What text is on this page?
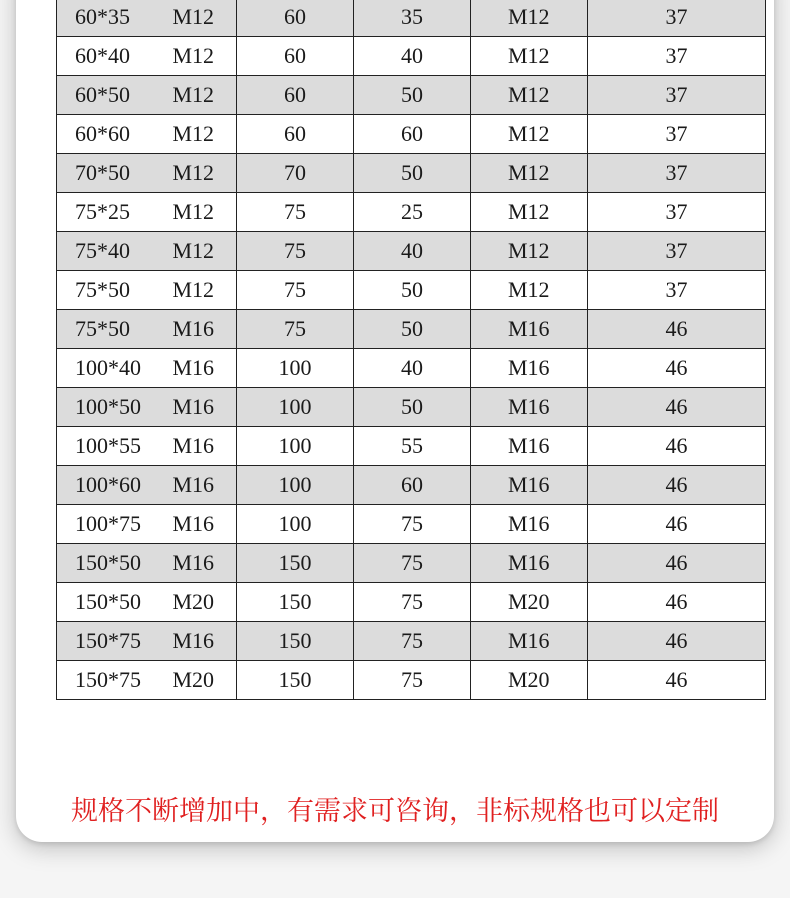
60*35	M12	60	35	M12	37
60*40	M12	60	40	M12	37
60*50	M12	60	50	M12	37
60*60	M12	60	60	M12	37
70*50	M12	70	50	M12	37
75*25	M12	75	25	M12	37
75*40	M12	75	40	M12	37
75*50	M12	75	50	M12	37
75*50	M16	75	50	M16	46
100*40	M16	100	40	M16	46
100*50	M16	100	50	M16	46
100*55	M16	100	55	M16	46
100*60	M16	100	60	M16	46
100*75	M16	100	75	M16	46
150*50	M16	150	75	M16	46
150*50	M20	150	75	M20	46
150*75	M16	150	75	M16	46
150*75	M20	150	75	M20	46
规格不断增加中，有需求可咨询，非标规格也可以定制
